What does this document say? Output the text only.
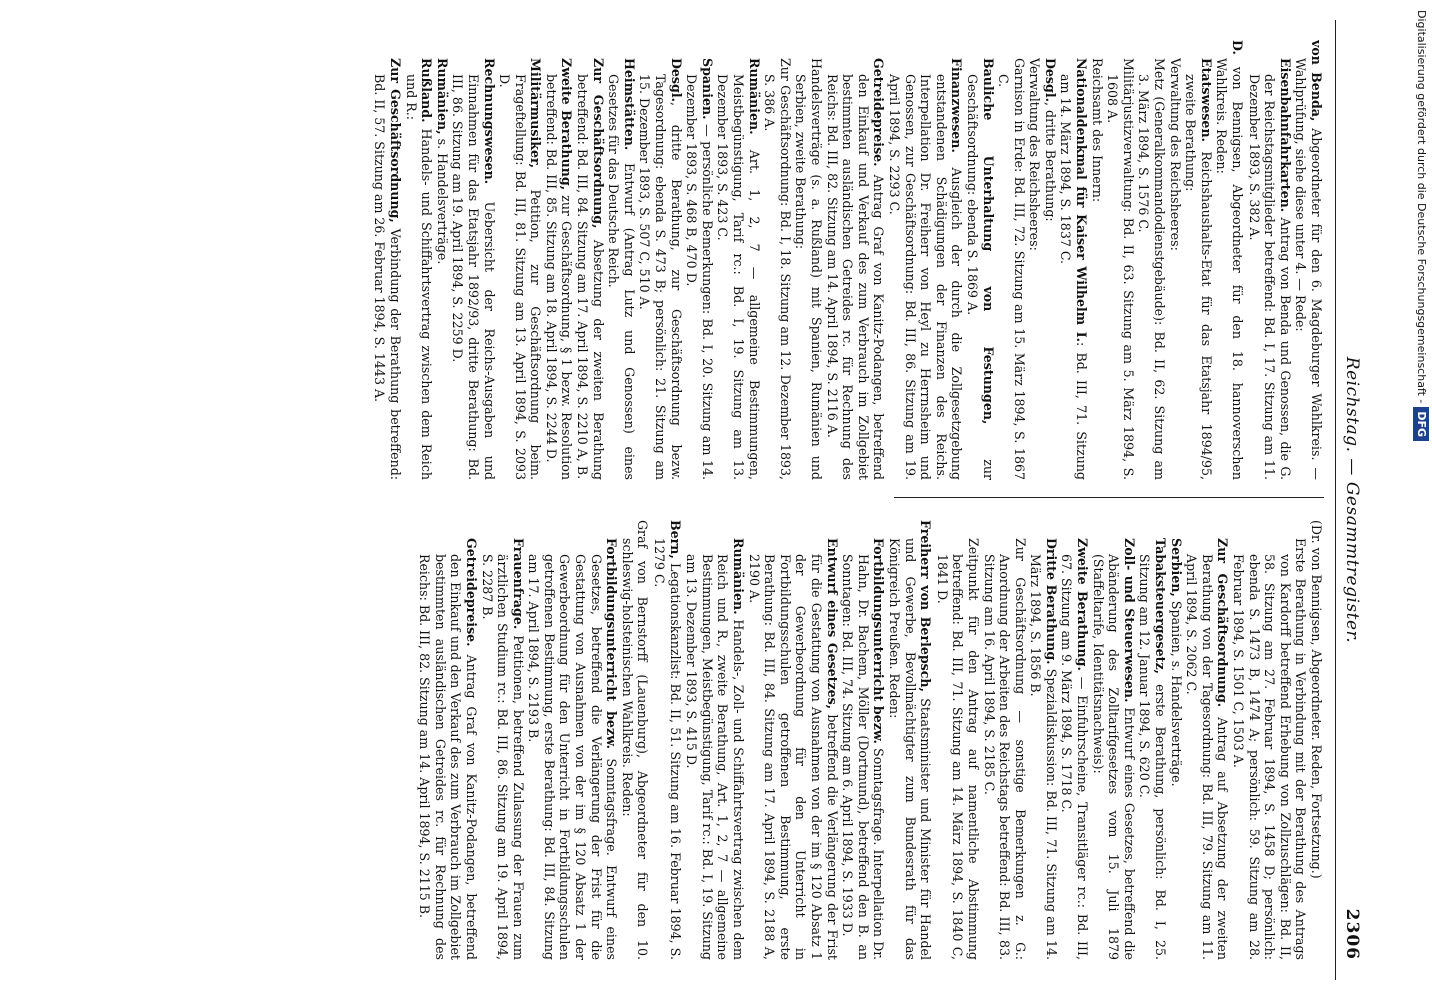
Reichstag. — Gesammtregister.
2306

von Benda, Abgeordneter für den 6. Magdeburger Wahlkreis. — Wahlprüfung, siehe diese unter 4. — Rede:

Eisenbahnfahrkarten. Antrag von Benda und Genossen, die G. der Reichstagsmitglieder betreffend: Bd. I, 17. Sitzung am 11. Dezember 1893, S. 382 A.

D. von Bennigsen, Abgeordneter für den 18. hannoverschen Wahlkreis. Reden:

Etatswesen. Reichshaushalts-Etat für das Etatsjahr 1894/95, zweite Berathung:

Verwaltung des Reichsheeres:

Metz (Generalkommandodienstgebäude): Bd. II, 62. Sitzung am 3. März 1894, S. 1576 C.

Militärjustizverwaltung: Bd. II, 63. Sitzung am 5. März 1894, S. 1608 A.

Reichsamt des Innern:

Nationaldenkmal für Kaiser Wilhelm I.: Bd. III, 71. Sitzung am 14. März 1894, S. 1837 C.

Desgl., dritte Berathung:

Verwaltung des Reichsheeres:

Garnison in Erde: Bd. III, 72. Sitzung am 15. März 1894, S. 1867 C.

Bauliche Unterhaltung von Festungen, zur Geschäftsordnung: ebenda S. 1869 A.

Finanzwesen. Ausgleich der durch die Zollgesetzgebung entstandenen Schädigungen der Finanzen des Reichs. Interpellation Dr. Freiherr von Heyl zu Herrnsheim und Genossen, zur Geschäftsordnung: Bd. III, 86. Sitzung am 19. April 1894, S. 2293 C.

Getreidepreise. Antrag Graf von Kanitz-Podangen, betreffend den Einkauf und Verkauf des zum Verbrauch im Zollgebiet bestimmten ausländischen Getreides rc. für Rechnung des Reichs: Bd. III, 82. Sitzung am 14. April 1894, S. 2116 A.

Handelsverträge (s. a. Rußland) mit Spanien, Rumänien und Serbien, zweite Berathung:

Zur Geschäftsordnung: Bd. I, 18. Sitzung am 12. Dezember 1893, S. 386 A.

Rumänien. Art. 1, 2, 7 — allgemeine Bestimmungen, Meistbegünstigung, Tarif rc.: Bd. I, 19. Sitzung am 13. Dezember 1893, S. 423 C.

Spanien. — persönliche Bemerkungen: Bd. I, 20. Sitzung am 14. Dezember 1893, S. 468 B, 470 D.

Desgl., dritte Berathung, zur Geschäftsordnung bezw. Tagesordnung: ebenda S. 473 B; persönlich: 21. Sitzung am 15. Dezember 1893, S. 507 C, 510 A.

Heimstätten. Entwurf (Antrag Lutz und Genossen) eines Gesetzes für das Deutsche Reich.

Zur Geschäftsordnung, Absetzung der zweiten Berathung betreffend: Bd. III, 84. Sitzung am 17. April 1894, S. 2210 A, B.

Zweite Berathung, zur Geschäftsordnung, § 1 bezw. Resolution betreffend: Bd. III, 85. Sitzung am 18. April 1894, S. 2244 D.

Militärmusiker, Petition, zur Geschäftsordnung beim. Frageftellung: Bd. III, 81. Sitzung am 13. April 1894, S. 2093 D.

Rechnungswesen. Uebersicht der Reichs-Ausgaben und Einnahmen für das Etatsjahr 1892/93, dritte Berathung: Bd. III, 86. Sitzung am 19. April 1894, S. 2259 D.

Rumänien, s. Handelsverträge.

Rußland. Handels- und Schiffahrtsvertrag zwischen dem Reich und R.:

Zur Geschäftsordnung, Verbindung der Berathung betreffend: Bd. II, 57. Sitzung am 26. Februar 1894, S. 1443 A.

(Dr. von Bennigsen, Abgeordneter. Reden, Fortsetzung.)

Erste Berathung in Verbindung mit der Berathung des Antrags von Kardorff betreffend Erhebung von Zollzuschlägen: Bd. II, 58. Sitzung am 27. Februar 1894, S. 1458 D; persönlich: ebenda S. 1473 B, 1474 A; persönlich: 59. Sitzung am 28. Februar 1894, S. 1501 C, 1503 A.

Zur Geschäftsordnung. Antrag auf Absetzung der zweiten Berathung von der Tagesordnung: Bd. III, 79. Sitzung am 11. April 1894, S. 2062 C.

Serbien, Spanien, s. Handelsverträge.

Tabaksteuergesetz, erste Berathung, persönlich: Bd. I, 25. Sitzung am 12. Januar 1894, S. 620 C.

Zoll- und Steuerwesen. Entwurf eines Gesetzes, betreffend die Abänderung des Zolltarifgesetzes vom 15. Juli 1879 (Staffeltarife, Identitätsnachweis):

Zweite Berathung. — Einfuhrscheine, Transitläger rc.: Bd. III, 67. Sitzung am 9. März 1894, S. 1718 C.

Dritte Berathung. Spezialdiskussion: Bd. III, 71. Sitzung am 14. März 1894, S. 1856 B.

Zur Geschäftsordnung — sonstige Bemerkungen z. G.: Anordnung der Arbeiten des Reichstags betreffend: Bd. III, 83. Sitzung am 16. April 1894, S. 2185 C.

Zeitpunkt für den Antrag auf namentliche Abstimmung betreffend: Bd. III, 71. Sitzung am 14. März 1894, S. 1840 C, 1841 D.

Freiherr von Berlepsch, Staatsminister und Minister für Handel und Gewerbe, Bevollmächtigter zum Bundesrath für das Königreich Preußen. Reden:

Fortbildungsunterricht bezw. Sonntagsfrage. Interpellation Dr. Hahn, Dr. Bachem, Möller (Dortmund), betreffend den B. an Sonntagen: Bd. III, 74. Sitzung am 6. April 1894, S. 1933 D.

Entwurf eines Gesetzes, betreffend die Verlängerung der Frist für die Gestattung von Ausnahmen von der im § 120 Absatz 1 der Gewerbeordnung für den Unterricht in Fortbildungsschulen getroffenen Bestimmung, erste Berathung: Bd. III, 84. Sitzung am 17. April 1894, S. 2188 A, 2190 A.

Rumänien. Handels-, Zoll- und Schiffahrtsvertrag zwischen dem Reich und R., zweite Berathung, Art. 1, 2, 7 — allgemeine Bestimmungen, Meistbegünstigung, Tarif rc.: Bd. I, 19. Sitzung am 13. Dezember 1893, S. 415 D.

Bern, Legationskanzlist: Bd. II, 51. Sitzung am 16. Februar 1894, S. 1279 C.

Graf von Bernstorff (Lauenburg), Abgeordneter für den 10. schleswig-holsteinischen Wahlkreis. Reden:

Fortbildungsunterricht bezw. Sonntagsfrage. Entwurf eines Gesetzes, betreffend die Verlängerung der Frist für die Gestattung von Ausnahmen von der im § 120 Absatz 1 der Gewerbeordnung für den Unterricht in Fortbildungsschulen getroffenen Bestimmung, erste Berathung: Bd. III, 84. Sitzung am 17. April 1894, S. 2193 B.

Frauenfrage. Petitionen, betreffend Zulassung der Frauen zum ärztlichen Studium rc.: Bd. III, 86. Sitzung am 19. April 1894, S. 2287 B.

Getreidepreise. Antrag Graf von Kanitz-Podangen, betreffend den Einkauf und den Verkauf des zum Verbrauch im Zollgebiet bestimmten ausländischen Getreides rc. für Rechnung des Reichs: Bd. III, 82. Sitzung am 14. April 1894, S. 2115 B.

Digitalisierung gefördert durch die Deutsche Forschungsgemeinschaft -DFG
